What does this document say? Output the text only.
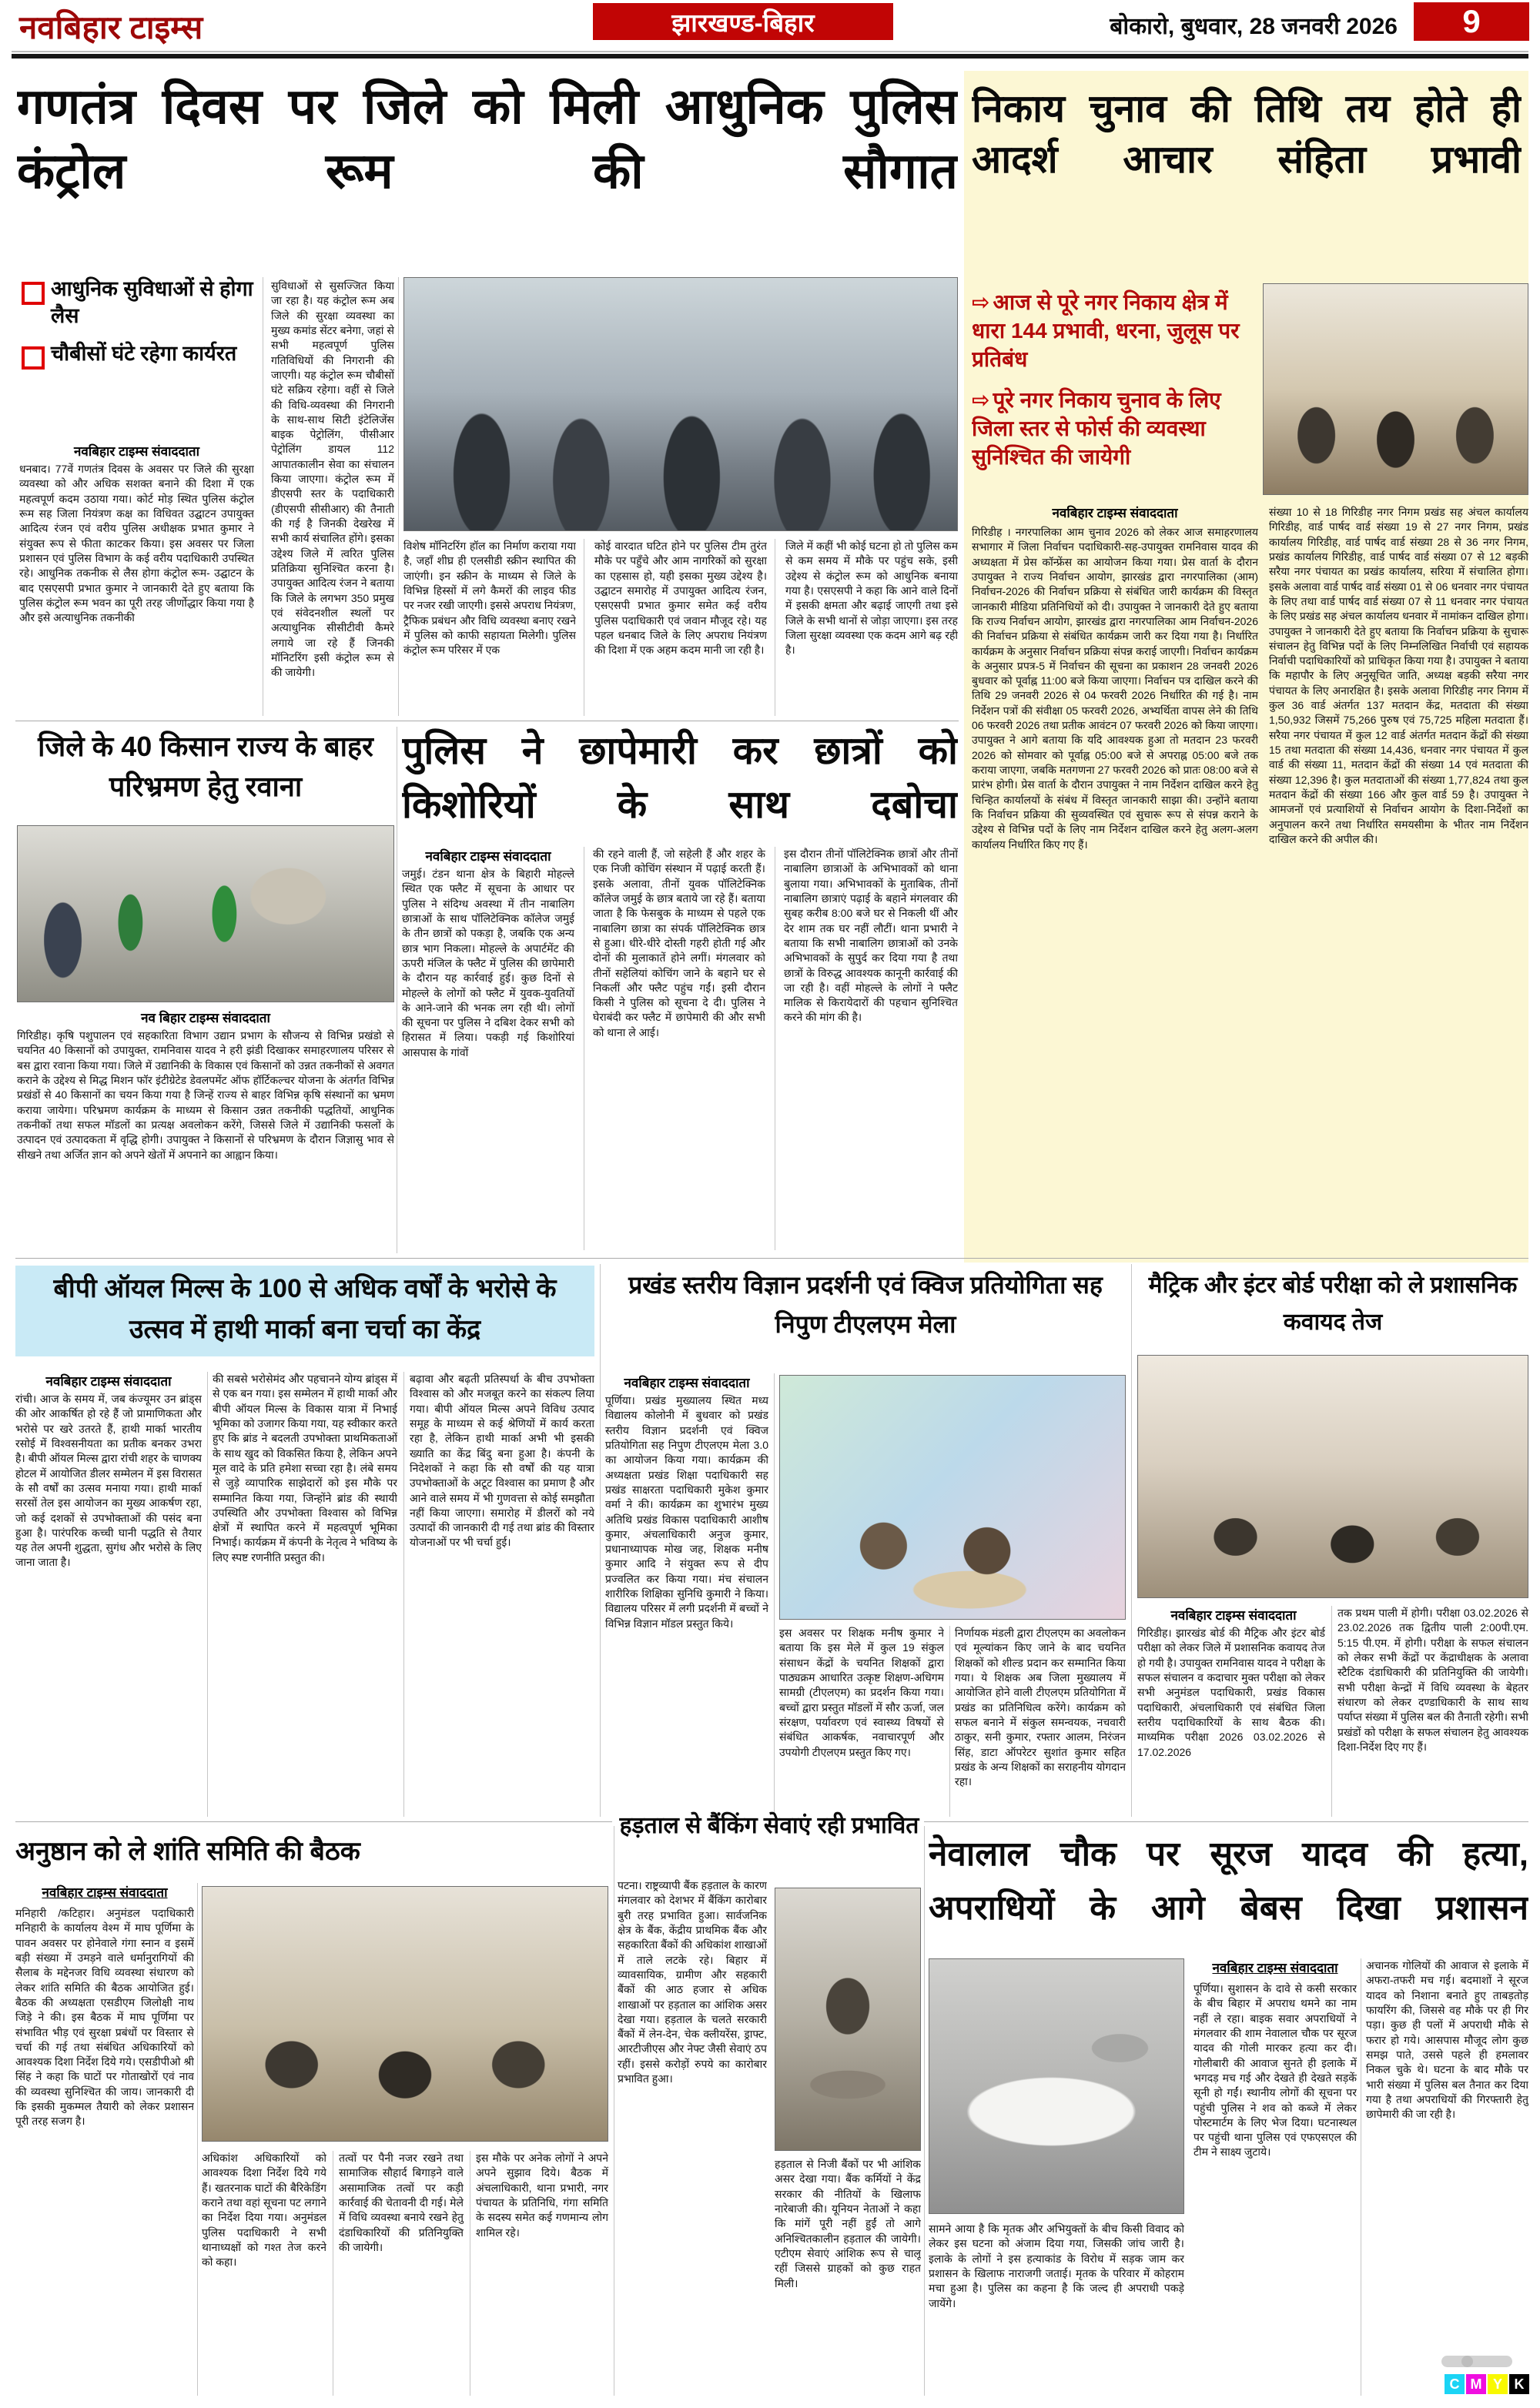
नवबिहार टाइम्स	झारखण्ड-बिहार	बोकारो, बुधवार, 28 जनवरी 2026	9
गणतंत्र दिवस पर जिले को मिली आधुनिक पुलिस कंट्रोल रूम की सौगात
आधुनिक सुविधाओं से होगा लैस
चौबीसों घंटे रहेगा कार्यरत
नवबिहार टाइम्स संवाददाता
धनबाद। 77वें गणतंत्र दिवस के अवसर पर जिले की सुरक्षा व्यवस्था को और अधिक सशक्त बनाने की दिशा में एक महत्वपूर्ण कदम उठाया गया। कोर्ट मोड़ स्थित पुलिस कंट्रोल रूम सह जिला नियंत्रण कक्ष का विधिवत उद्घाटन उपायुक्त आदित्य रंजन एवं वरीय पुलिस अधीक्षक प्रभात कुमार ने संयुक्त रूप से फीता काटकर किया। इस अवसर पर जिला प्रशासन एवं पुलिस विभाग के कई वरीय पदाधिकारी उपस्थित रहे। आधुनिक तकनीक से लैस होगा कंट्रोल रूम- उद्घाटन के बाद एसएसपी प्रभात कुमार ने जानकारी देते हुए बताया कि पुलिस कंट्रोल रूम भवन का पूरी तरह जीर्णोद्धार किया गया है और इसे अत्याधुनिक तकनीकी
सुविधाओं से सुसज्जित किया जा रहा है। यह कंट्रोल रूम अब जिले की सुरक्षा व्यवस्था का मुख्य कमांड सेंटर बनेगा, जहां से सभी महत्वपूर्ण पुलिस गतिविधियों की निगरानी की जाएगी। यह कंट्रोल रूम चौबीसों घंटे सक्रिय रहेगा। वहीं से जिले की विधि-व्यवस्था की निगरानी के साथ-साथ सिटी इंटेलिजेंस बाइक पेट्रोलिंग, पीसीआर पेट्रोलिंग डायल 112 आपातकालीन सेवा का संचालन किया जाएगा। कंट्रोल रूम में डीएसपी स्तर के पदाधिकारी (डीएसपी सीसीआर) की तैनाती की गई है जिनकी देखरेख में सभी कार्य संचालित होंगे। इसका उद्देश्य जिले में त्वरित पुलिस प्रतिक्रिया सुनिश्चित करना है। उपायुक्त आदित्य रंजन ने बताया कि जिले के लगभग 350 प्रमुख एवं संवेदनशील स्थलों पर अत्याधुनिक सीसीटीवी कैमरे लगाये जा रहे हैं जिनकी मॉनिटरिंग इसी कंट्रोल रूम से की जायेगी।
विशेष मॉनिटरिंग हॉल का निर्माण कराया गया है, जहाँ शीघ्र ही एलसीडी स्क्रीन स्थापित की जाएंगी। इन स्क्रीन के माध्यम से जिले के विभिन्न हिस्सों में लगे कैमरों की लाइव फीड पर नजर रखी जाएगी। इससे अपराध नियंत्रण, ट्रैफिक प्रबंधन और विधि व्यवस्था बनाए रखने में पुलिस को काफी सहायता मिलेगी। पुलिस कंट्रोल रूम परिसर में एक
कोई वारदात घटित होने पर पुलिस टीम तुरंत मौके पर पहुँचे और आम नागरिकों को सुरक्षा का एहसास हो, यही इसका मुख्य उद्देश्य है। उद्घाटन समारोह में उपायुक्त आदित्य रंजन, एसएसपी प्रभात कुमार समेत कई वरीय पुलिस पदाधिकारी एवं जवान मौजूद रहे। यह पहल धनबाद जिले के लिए अपराध नियंत्रण की दिशा में एक अहम कदम मानी जा रही है।
जिले में कहीं भी कोई घटना हो तो पुलिस कम से कम समय में मौके पर पहुंच सके, इसी उद्देश्य से कंट्रोल रूम को आधुनिक बनाया गया है। एसएसपी ने कहा कि आने वाले दिनों में इसकी क्षमता और बढ़ाई जाएगी तथा इसे जिले के सभी थानों से जोड़ा जाएगा। इस तरह जिला सुरक्षा व्यवस्था एक कदम आगे बढ़ रही है।
निकाय चुनाव की तिथि तय होते ही आदर्श आचार संहिता प्रभावी
⇨ आज से पूरे नगर निकाय क्षेत्र में धारा 144 प्रभावी, धरना, जुलूस पर प्रतिबंध
⇨ पूरे नगर निकाय चुनाव के लिए जिला स्तर से फोर्स की व्यवस्था सुनिश्चित की जायेगी
नवबिहार टाइम्स संवाददाता
गिरिडीह । नगरपालिका आम चुनाव 2026 को लेकर आज समाहरणालय सभागार में जिला निर्वाचन पदाधिकारी-सह-उपायुक्त रामनिवास यादव की अध्यक्षता में प्रेस कॉन्फ्रेंस का आयोजन किया गया। प्रेस वार्ता के दौरान उपायुक्त ने राज्य निर्वाचन आयोग, झारखंड द्वारा नगरपालिका (आम) निर्वाचन-2026 की निर्वाचन प्रक्रिया से संबंधित जारी कार्यक्रम की विस्तृत जानकारी मीडिया प्रतिनिधियों को दी। उपायुक्त ने जानकारी देते हुए बताया कि राज्य निर्वाचन आयोग, झारखंड द्वारा नगरपालिका आम निर्वाचन-2026 की निर्वाचन प्रक्रिया से संबंधित कार्यक्रम जारी कर दिया गया है। निर्धारित कार्यक्रम के अनुसार निर्वाचन प्रक्रिया संपन्न कराई जाएगी। निर्वाचन कार्यक्रम के अनुसार प्रपत्र-5 में निर्वाचन की सूचना का प्रकाशन 28 जनवरी 2026 बुधवार को पूर्वाह्न 11:00 बजे किया जाएगा। निर्वाचन पत्र दाखिल करने की तिथि 29 जनवरी 2026 से 04 फरवरी 2026 निर्धारित की गई है। नाम निर्देशन पत्रों की संवीक्षा 05 फरवरी 2026, अभ्यर्थिता वापस लेने की तिथि 06 फरवरी 2026 तथा प्रतीक आवंटन 07 फरवरी 2026 को किया जाएगा। उपायुक्त ने आगे बताया कि यदि आवश्यक हुआ तो मतदान 23 फरवरी 2026 को सोमवार को पूर्वाह्न 05:00 बजे से अपराह्न 05:00 बजे तक कराया जाएगा, जबकि मतगणना 27 फरवरी 2026 को प्रातः 08:00 बजे से प्रारंभ होगी। प्रेस वार्ता के दौरान उपायुक्त ने नाम निर्देशन दाखिल करने हेतु चिन्हित कार्यालयों के संबंध में विस्तृत जानकारी साझा की। उन्होंने बताया कि निर्वाचन प्रक्रिया की सुव्यवस्थित एवं सुचारू रूप से संपन्न कराने के उद्देश्य से विभिन्न पदों के लिए नाम निर्देशन दाखिल करने हेतु अलग-अलग कार्यालय निर्धारित किए गए हैं।
संख्या 10 से 18 गिरिडीह नगर निगम प्रखंड सह अंचल कार्यालय गिरिडीह, वार्ड पार्षद वार्ड संख्या 19 से 27 नगर निगम, प्रखंड कार्यालय गिरिडीह, वार्ड पार्षद वार्ड संख्या 28 से 36 नगर निगम, प्रखंड कार्यालय गिरिडीह, वार्ड पार्षद वार्ड संख्या 07 से 12 बड़की सरैया नगर पंचायत का प्रखंड कार्यालय, सरिया में संचालित होगा। इसके अलावा वार्ड पार्षद वार्ड संख्या 01 से 06 धनवार नगर पंचायत के लिए तथा वार्ड पार्षद वार्ड संख्या 07 से 11 धनवार नगर पंचायत के लिए प्रखंड सह अंचल कार्यालय धनवार में नामांकन दाखिल होगा। उपायुक्त ने जानकारी देते हुए बताया कि निर्वाचन प्रक्रिया के सुचारू संचालन हेतु विभिन्न पदों के लिए निम्नलिखित निर्वाची एवं सहायक निर्वाची पदाधिकारियों को प्राधिकृत किया गया है। उपायुक्त ने बताया कि महापौर के लिए अनुसूचित जाति, अध्यक्ष बड़की सरैया नगर पंचायत के लिए अनारक्षित है। इसके अलावा गिरिडीह नगर निगम में कुल 36 वार्ड अंतर्गत 137 मतदान केंद्र, मतदाता की संख्या 1,50,932 जिसमें 75,266 पुरुष एवं 75,725 महिला मतदाता हैं। सरैया नगर पंचायत में कुल 12 वार्ड अंतर्गत मतदान केंद्रों की संख्या 15 तथा मतदाता की संख्या 14,436, धनवार नगर पंचायत में कुल वार्ड की संख्या 11, मतदान केंद्रों की संख्या 14 एवं मतदाता की संख्या 12,396 है। कुल मतदाताओं की संख्या 1,77,824 तथा कुल मतदान केंद्रों की संख्या 166 और कुल वार्ड 59 है। उपायुक्त ने आमजनों एवं प्रत्याशियों से निर्वाचन आयोग के दिशा-निर्देशों का अनुपालन करने तथा निर्धारित समयसीमा के भीतर नाम निर्देशन दाखिल करने की अपील की।
जिले के 40 किसान राज्य के बाहर परिभ्रमण हेतु रवाना
नव बिहार टाइम्स संवाददाता
गिरिडीह। कृषि पशुपालन एवं सहकारिता विभाग उद्यान प्रभाग के सौजन्य से विभिन्न प्रखंडो से चयनित 40 किसानों को उपायुक्त, रामनिवास यादव ने हरी झंडी दिखाकर समाहरणालय परिसर से बस द्वारा रवाना किया गया। जिले में उद्यानिकी के विकास एवं किसानों को उन्नत तकनीकों से अवगत कराने के उद्देश्य से मिद्ध मिशन फॉर इंटीग्रेटेड डेवलपमेंट ऑफ हॉर्टिकल्चर योजना के अंतर्गत विभिन्न प्रखंडों से 40 किसानों का चयन किया गया है जिन्हें राज्य से बाहर विभिन्न कृषि संस्थानों का भ्रमण कराया जायेगा। परिभ्रमण कार्यक्रम के माध्यम से किसान उन्नत तकनीकी पद्धतियों, आधुनिक तकनीकों तथा सफल मॉडलों का प्रत्यक्ष अवलोकन करेंगे, जिससे जिले में उद्यानिकी फसलों के उत्पादन एवं उत्पादकता में वृद्धि होगी। उपायुक्त ने किसानों से परिभ्रमण के दौरान जिज्ञासु भाव से सीखने तथा अर्जित ज्ञान को अपने खेतों में अपनाने का आह्वान किया।
पुलिस ने छापेमारी कर छात्रों को किशोरियों के साथ दबोचा
नवबिहार टाइम्स संवाददाता
जमुई। टंडन थाना क्षेत्र के बिहारी मोहल्ले स्थित एक फ्लैट में सूचना के आधार पर पुलिस ने संदिग्ध अवस्था में तीन नाबालिग छात्राओं के साथ पॉलिटेक्निक कॉलेज जमुई के तीन छात्रों को पकड़ा है, जबकि एक अन्य छात्र भाग निकला। मोहल्ले के अपार्टमेंट की ऊपरी मंजिल के फ्लैट में पुलिस की छापेमारी के दौरान यह कार्रवाई हुई। कुछ दिनों से मोहल्ले के लोगों को फ्लैट में युवक-युवतियों के आने-जाने की भनक लग रही थी। लोगों की सूचना पर पुलिस ने दबिश देकर सभी को हिरासत में लिया। पकड़ी गई किशोरियां आसपास के गांवों
की रहने वाली हैं, जो सहेली हैं और शहर के एक निजी कोचिंग संस्थान में पढ़ाई करती हैं। इसके अलावा, तीनों युवक पॉलिटेक्निक कॉलेज जमुई के छात्र बताये जा रहे हैं। बताया जाता है कि फेसबुक के माध्यम से पहले एक नाबालिग छात्रा का संपर्क पॉलिटेक्निक छात्र से हुआ। धीरे-धीरे दोस्ती गहरी होती गई और दोनों की मुलाकातें होने लगीं। मंगलवार को तीनों सहेलियां कोचिंग जाने के बहाने घर से निकलीं और फ्लैट पहुंच गईं। इसी दौरान किसी ने पुलिस को सूचना दे दी। पुलिस ने घेराबंदी कर फ्लैट में छापेमारी की और सभी को थाना ले आई।
इस दौरान तीनों पॉलिटेक्निक छात्रों और तीनों नाबालिग छात्राओं के अभिभावकों को थाना बुलाया गया। अभिभावकों के मुताबिक, तीनों नाबालिग छात्राएं पढ़ाई के बहाने मंगलवार की सुबह करीब 8:00 बजे घर से निकली थीं और देर शाम तक घर नहीं लौटीं। थाना प्रभारी ने बताया कि सभी नाबालिग छात्राओं को उनके अभिभावकों के सुपुर्द कर दिया गया है तथा छात्रों के विरुद्ध आवश्यक कानूनी कार्रवाई की जा रही है। वहीं मोहल्ले के लोगों ने फ्लैट मालिक से किरायेदारों की पहचान सुनिश्चित करने की मांग की है।
बीपी ऑयल मिल्स के 100 से अधिक वर्षों के भरोसे के उत्सव में हाथी मार्का बना चर्चा का केंद्र
नवबिहार टाइम्स संवाददाता
रांची। आज के समय में, जब कंज्यूमर उन ब्रांड्स की ओर आकर्षित हो रहे हैं जो प्रामाणिकता और भरोसे पर खरे उतरते हैं, हाथी मार्का भारतीय रसोई में विश्वसनीयता का प्रतीक बनकर उभरा है। बीपी ऑयल मिल्स द्वारा रांची शहर के चाणक्य होटल में आयोजित डीलर सम्मेलन में इस विरासत के सौ वर्षों का उत्सव मनाया गया। हाथी मार्का सरसों तेल इस आयोजन का मुख्य आकर्षण रहा, जो कई दशकों से उपभोक्ताओं की पसंद बना हुआ है। पारंपरिक कच्ची घानी पद्धति से तैयार यह तेल अपनी शुद्धता, सुगंध और भरोसे के लिए जाना जाता है।
की सबसे भरोसेमंद और पहचानने योग्य ब्रांड्स में से एक बन गया। इस सम्मेलन में हाथी मार्का और बीपी ऑयल मिल्स के विकास यात्रा में निभाई भूमिका को उजागर किया गया, यह स्वीकार करते हुए कि ब्रांड ने बदलती उपभोक्ता प्राथमिकताओं के साथ खुद को विकसित किया है, लेकिन अपने मूल वादे के प्रति हमेशा सच्चा रहा है। लंबे समय से जुड़े व्यापारिक साझेदारों को इस मौके पर सम्मानित किया गया, जिन्होंने ब्रांड की स्थायी उपस्थिति और उपभोक्ता विश्वास को विभिन्न क्षेत्रों में स्थापित करने में महत्वपूर्ण भूमिका निभाई। कार्यक्रम में कंपनी के नेतृत्व ने भविष्य के लिए स्पष्ट रणनीति प्रस्तुत की।
बढ़ावा और बढ़ती प्रतिस्पर्धा के बीच उपभोक्ता विश्वास को और मजबूत करने का संकल्प लिया गया। बीपी ऑयल मिल्स अपने विविध उत्पाद समूह के माध्यम से कई श्रेणियों में कार्य करता रहा है, लेकिन हाथी मार्का अभी भी इसकी ख्याति का केंद्र बिंदु बना हुआ है। कंपनी के निदेशकों ने कहा कि सौ वर्षों की यह यात्रा उपभोक्ताओं के अटूट विश्वास का प्रमाण है और आने वाले समय में भी गुणवत्ता से कोई समझौता नहीं किया जाएगा। समारोह में डीलरों को नये उत्पादों की जानकारी दी गई तथा ब्रांड की विस्तार योजनाओं पर भी चर्चा हुई।
प्रखंड स्तरीय विज्ञान प्रदर्शनी एवं क्विज प्रतियोगिता सह निपुण टीएलएम मेला
नवबिहार टाइम्स संवाददाता
पूर्णिया। प्रखंड मुख्यालय स्थित मध्य विद्यालय कोलोनी में बुधवार को प्रखंड स्तरीय विज्ञान प्रदर्शनी एवं क्विज प्रतियोगिता सह निपुण टीएलएम मेला 3.0 का आयोजन किया गया। कार्यक्रम की अध्यक्षता प्रखंड शिक्षा पदाधिकारी सह प्रखंड साक्षरता पदाधिकारी मुकेश कुमार वर्मा ने की। कार्यक्रम का शुभारंभ मुख्य अतिथि प्रखंड विकास पदाधिकारी आशीष कुमार, अंचलाधिकारी अनुज कुमार, प्रधानाध्यापक मोख जह, शिक्षक मनीष कुमार आदि ने संयुक्त रूप से दीप प्रज्वलित कर किया गया। मंच संचालन शारीरिक शिक्षिका सुनिधि कुमारी ने किया। विद्यालय परिसर में लगी प्रदर्शनी में बच्चों ने विभिन्न विज्ञान मॉडल प्रस्तुत किये।
इस अवसर पर शिक्षक मनीष कुमार ने बताया कि इस मेले में कुल 19 संकुल संसाधन केंद्रों के चयनित शिक्षकों द्वारा पाठ्यक्रम आधारित उत्कृष्ट शिक्षण-अधिगम सामग्री (टीएलएम) का प्रदर्शन किया गया। बच्चों द्वारा प्रस्तुत मॉडलों में सौर ऊर्जा, जल संरक्षण, पर्यावरण एवं स्वास्थ्य विषयों से संबंधित आकर्षक, नवाचारपूर्ण और उपयोगी टीएलएम प्रस्तुत किए गए।
निर्णायक मंडली द्वारा टीएलएम का अवलोकन एवं मूल्यांकन किए जाने के बाद चयनित शिक्षकों को शील्ड प्रदान कर सम्मानित किया गया। ये शिक्षक अब जिला मुख्यालय में आयोजित होने वाली टीएलएम प्रतियोगिता में प्रखंड का प्रतिनिधित्व करेंगे। कार्यक्रम को सफल बनाने में संकुल समन्वयक, नचवारी ठाकुर, सनी कुमार, रफ्तार आलम, निरंजन सिंह, डाटा ऑपरेटर सुशांत कुमार सहित प्रखंड के अन्य शिक्षकों का सराहनीय योगदान रहा।
मैट्रिक और इंटर बोर्ड परीक्षा को ले प्रशासनिक कवायद तेज
नवबिहार टाइम्स संवाददाता
गिरिडीह। झारखंड बोर्ड की मैट्रिक और इंटर बोर्ड परीक्षा को लेकर जिले में प्रशासनिक कवायद तेज हो गयी है। उपायुक्त रामनिवास यादव ने परीक्षा के सफल संचालन व कदाचार मुक्त परीक्षा को लेकर सभी अनुमंडल पदाधिकारी, प्रखंड विकास पदाधिकारी, अंचलाधिकारी एवं संबंधित जिला स्तरीय पदाधिकारियों के साथ बैठक की। माध्यमिक परीक्षा 2026 03.02.2026 से 17.02.2026
तक प्रथम पाली में होगी। परीक्षा 03.02.2026 से 23.02.2026 तक द्वितीय पाली 2:00पी.एम. 5:15 पी.एम. में होगी। परीक्षा के सफल संचालन को लेकर सभी केंद्रों पर केंद्राधीक्षक के अलावा स्टैटिक दंडाधिकारी की प्रतिनियुक्ति की जायेगी। सभी परीक्षा केन्द्रों में विधि व्यवस्था के बेहतर संधारण को लेकर दण्डाधिकारी के साथ साथ पर्याप्त संख्या में पुलिस बल की तैनाती रहेगी। सभी प्रखंडों को परीक्षा के सफल संचालन हेतु आवश्यक दिशा-निर्देश दिए गए हैं।
अनुष्ठान को ले शांति समिति की बैठक
नवबिहार टाइम्स संवाददाता
मनिहारी /कटिहार। अनुमंडल पदाधिकारी मनिहारी के कार्यालय वेश्म में माघ पूर्णिमा के पावन अवसर पर होनेवाले गंगा स्नान व इसमें बड़ी संख्या में उमड़ने वाले धर्मानुरागियों की सैलाब के मद्देनजर विधि व्यवस्था संधारण को लेकर शांति समिति की बैठक आयोजित हुई। बैठक की अध्यक्षता एसडीएम जिलोक्षी नाथ जिड़े ने की। इस बैठक में माघ पूर्णिमा पर संभावित भीड़ एवं सुरक्षा प्रबंधों पर विस्तार से चर्चा की गई तथा संबंधित अधिकारियों को आवश्यक दिशा निर्देश दिये गये। एसडीपीओ श्री सिंह ने कहा कि घाटों पर गोताखोरों एवं नाव की व्यवस्था सुनिश्चित की जाय। जानकारी दी कि इसकी मुकम्मल तैयारी को लेकर प्रशासन पूरी तरह सजग है।
अधिकांश अधिकारियों को आवश्यक दिशा निर्देश दिये गये हैं। खतरनाक घाटों की बैरिकेडिंग कराने तथा वहां सूचना पट लगाने का निर्देश दिया गया। अनुमंडल पुलिस पदाधिकारी ने सभी थानाध्यक्षों को गश्त तेज करने को कहा।
तत्वों पर पैनी नजर रखने तथा सामाजिक सौहार्द बिगाड़ने वाले असामाजिक तत्वों पर कड़ी कार्रवाई की चेतावनी दी गई। मेले में विधि व्यवस्था बनाये रखने हेतु दंडाधिकारियों की प्रतिनियुक्ति की जायेगी।
इस मौके पर अनेक लोगों ने अपने अपने सुझाव दिये। बैठक में अंचलाधिकारी, थाना प्रभारी, नगर पंचायत के प्रतिनिधि, गंगा समिति के सदस्य समेत कई गणमान्य लोग शामिल रहे।
हड़ताल से बैंकिंग सेवाएं रही प्रभावित
पटना। राष्ट्रव्यापी बैंक हड़ताल के कारण मंगलवार को देशभर में बैंकिंग कारोबार बुरी तरह प्रभावित हुआ। सार्वजनिक क्षेत्र के बैंक, केंद्रीय प्राथमिक बैंक और सहकारिता बैंकों की अधिकांश शाखाओं में ताले लटके रहे। बिहार में व्यावसायिक, ग्रामीण और सहकारी बैंकों की आठ हजार से अधिक शाखाओं पर हड़ताल का आंशिक असर देखा गया। हड़ताल के चलते सरकारी बैंकों में लेन-देन, चेक क्लीयरेंस, ड्राफ्ट, आरटीजीएस और नेफ्ट जैसी सेवाएं ठप रहीं। इससे करोड़ों रुपये का कारोबार प्रभावित हुआ।
हड़ताल से निजी बैंकों पर भी आंशिक असर देखा गया। बैंक कर्मियों ने केंद्र सरकार की नीतियों के खिलाफ नारेबाजी की। यूनियन नेताओं ने कहा कि मांगें पूरी नहीं हुईं तो आगे अनिश्चितकालीन हड़ताल की जायेगी। एटीएम सेवाएं आंशिक रूप से चालू रहीं जिससे ग्राहकों को कुछ राहत मिली।
नेवालाल चौक पर सूरज यादव की हत्या, अपराधियों के आगे बेबस दिखा प्रशासन
नवबिहार टाइम्स संवाददाता
पूर्णिया। सुशासन के दावे से कसी सरकार के बीच बिहार में अपराध थमने का नाम नहीं ले रहा। बाइक सवार अपराधियों ने मंगलवार की शाम नेवालाल चौक पर सूरज यादव की गोली मारकर हत्या कर दी। गोलीबारी की आवाज सुनते ही इलाके में भगदड़ मच गई और देखते ही देखते सड़कें सूनी हो गईं। स्थानीय लोगों की सूचना पर पहुंची पुलिस ने शव को कब्जे में लेकर पोस्टमार्टम के लिए भेज दिया। घटनास्थल पर पहुंची थाना पुलिस एवं एफएसएल की टीम ने साक्ष्य जुटाये।
अचानक गोलियों की आवाज से इलाके में अफरा-तफरी मच गई। बदमाशों ने सूरज यादव को निशाना बनाते हुए ताबड़तोड़ फायरिंग की, जिससे वह मौके पर ही गिर पड़ा। कुछ ही पलों में अपराधी मौके से फरार हो गये। आसपास मौजूद लोग कुछ समझ पाते, उससे पहले ही हमलावर निकल चुके थे। घटना के बाद मौके पर भारी संख्या में पुलिस बल तैनात कर दिया गया है तथा अपराधियों की गिरफ्तारी हेतु छापेमारी की जा रही है।
सामने आया है कि मृतक और अभियुक्तों के बीच किसी विवाद को लेकर इस घटना को अंजाम दिया गया, जिसकी जांच जारी है। इलाके के लोगों ने इस हत्याकांड के विरोध में सड़क जाम कर प्रशासन के खिलाफ नाराजगी जताई। मृतक के परिवार में कोहराम मचा हुआ है। पुलिस का कहना है कि जल्द ही अपराधी पकड़े जायेंगे।
C M Y K
